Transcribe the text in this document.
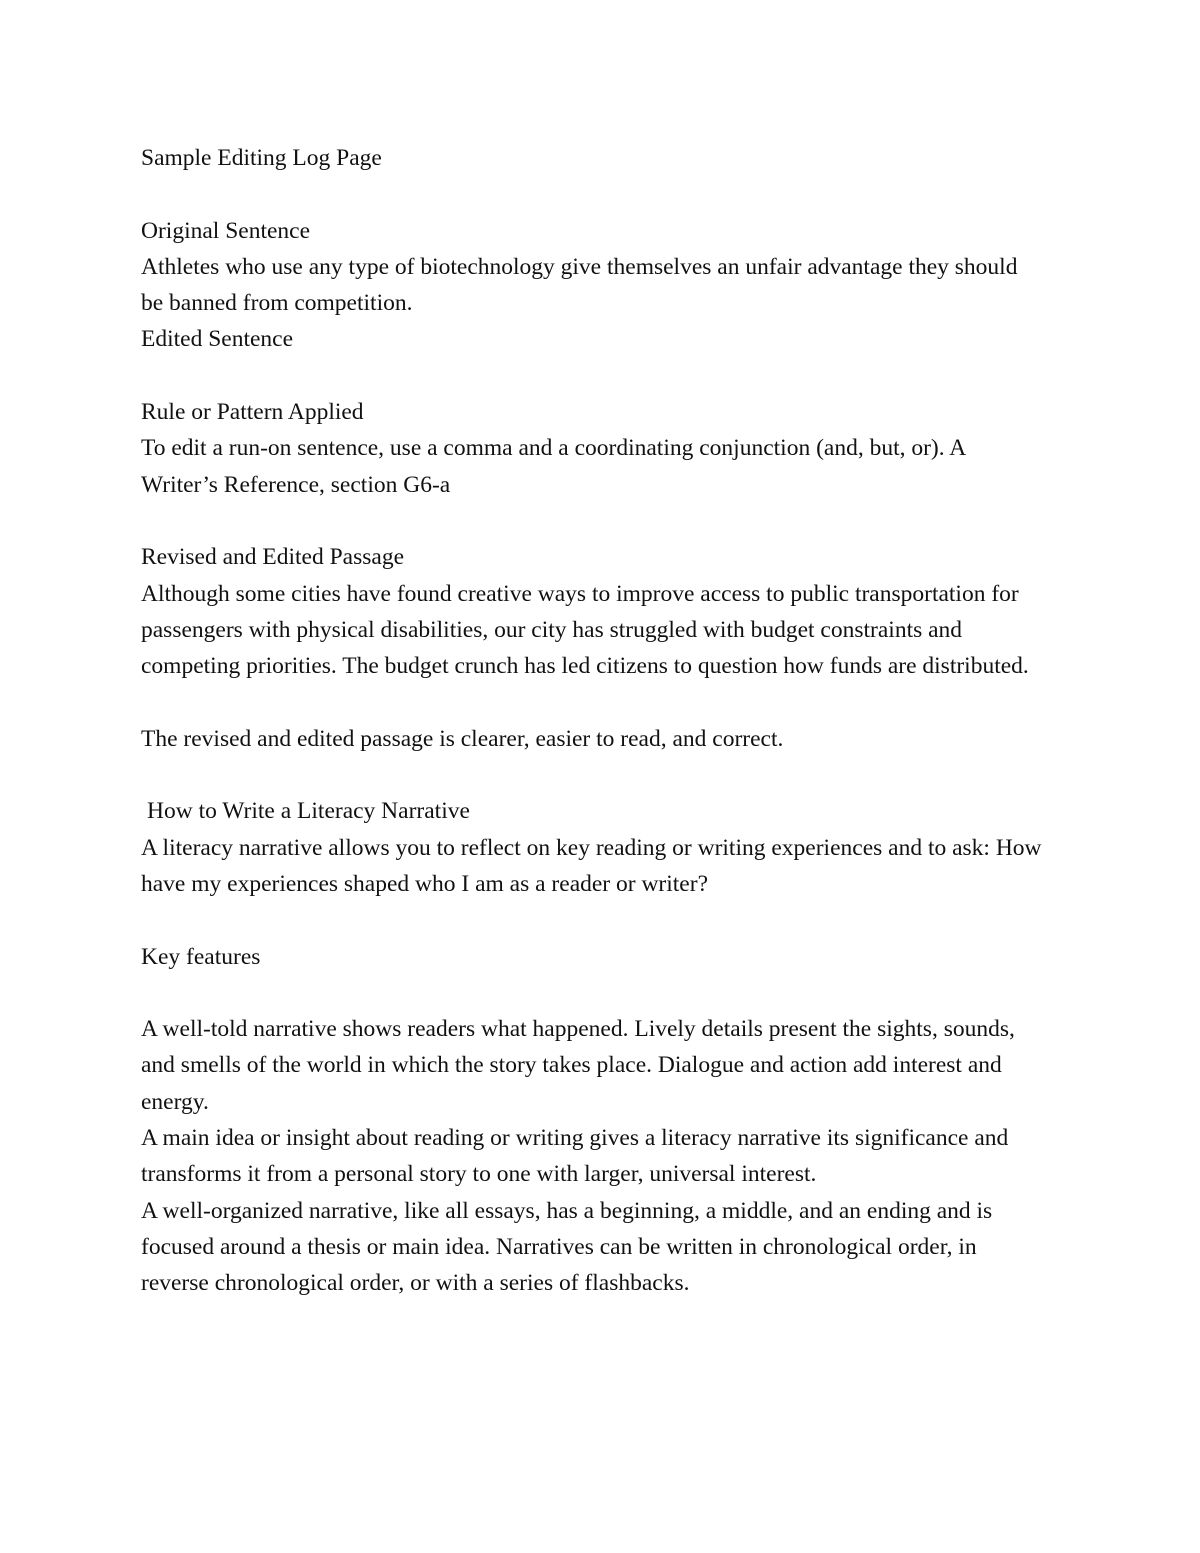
Sample Editing Log Page

Original Sentence

Athletes who use any type of biotechnology give themselves an unfair advantage they should be banned from competition.

Edited Sentence

Rule or Pattern Applied

To edit a run-on sentence, use a comma and a coordinating conjunction (and, but, or). A Writer’s Reference, section G6-a

Revised and Edited Passage

Although some cities have found creative ways to improve access to public transportation for passengers with physical disabilities, our city has struggled with budget constraints and competing priorities. The budget crunch has led citizens to question how funds are distributed.

The revised and edited passage is clearer, easier to read, and correct.

How to Write a Literacy Narrative

A literacy narrative allows you to reflect on key reading or writing experiences and to ask: How have my experiences shaped who I am as a reader or writer?

Key features

A well-told narrative shows readers what happened. Lively details present the sights, sounds, and smells of the world in which the story takes place. Dialogue and action add interest and energy.

A main idea or insight about reading or writing gives a literacy narrative its significance and transforms it from a personal story to one with larger, universal interest.

A well-organized narrative, like all essays, has a beginning, a middle, and an ending and is focused around a thesis or main idea. Narratives can be written in chronological order, in reverse chronological order, or with a series of flashbacks.
